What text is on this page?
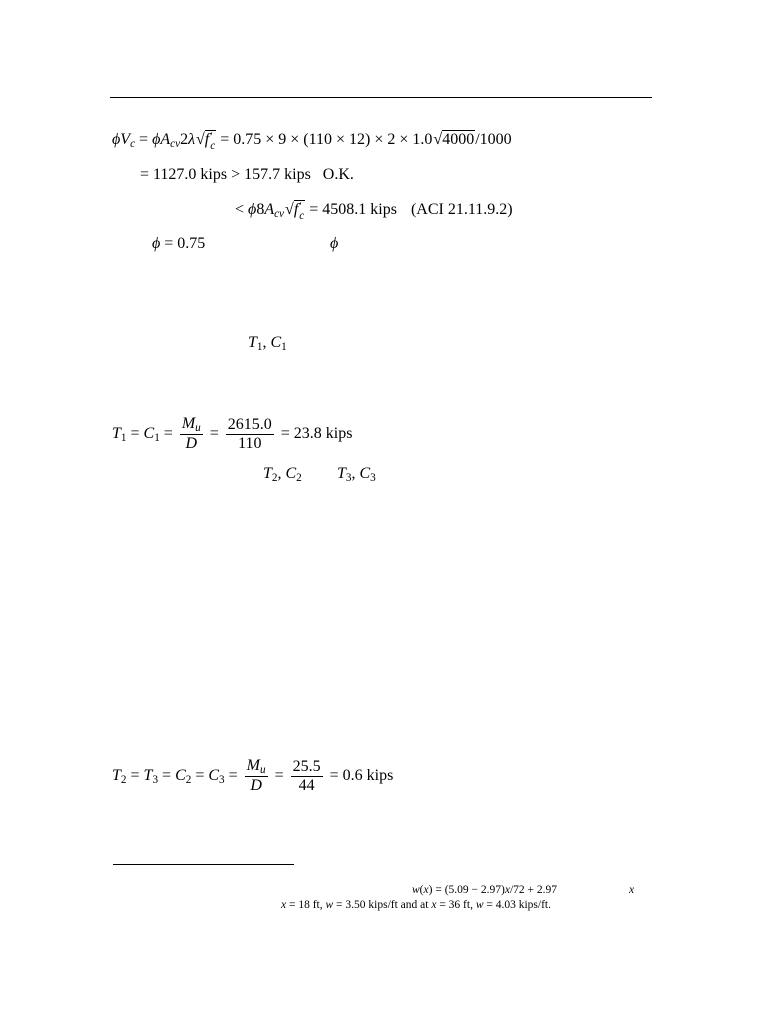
ϕVc = ϕAcv2λ√f ′
c = 0.75 × 9 × (110 × 12) × 2 × 1.0√4000/1000
= 1127.0 kips > 157.7 kips O.K.
< ϕ8Acv√f ′
c = 4508.1 kips (ACI 21.11.9.2)
ϕ = 0.75	ϕ
T1, C1
$T1 = C1 = \frac{Mu}{D} = \frac{2615.0}{110} = 23.8$ kips
T2, C2 T3, C3
$T2 = T3 = C2 = C3 = \frac{Mu}{D} = \frac{25.5}{44} = 0.6$ kips
w(x) = (5.09 − 2.97)x/72 + 2.97	x
x = 18 ft, w = 3.50 kips/ft and at x = 36 ft, w = 4.03 kips/ft.
